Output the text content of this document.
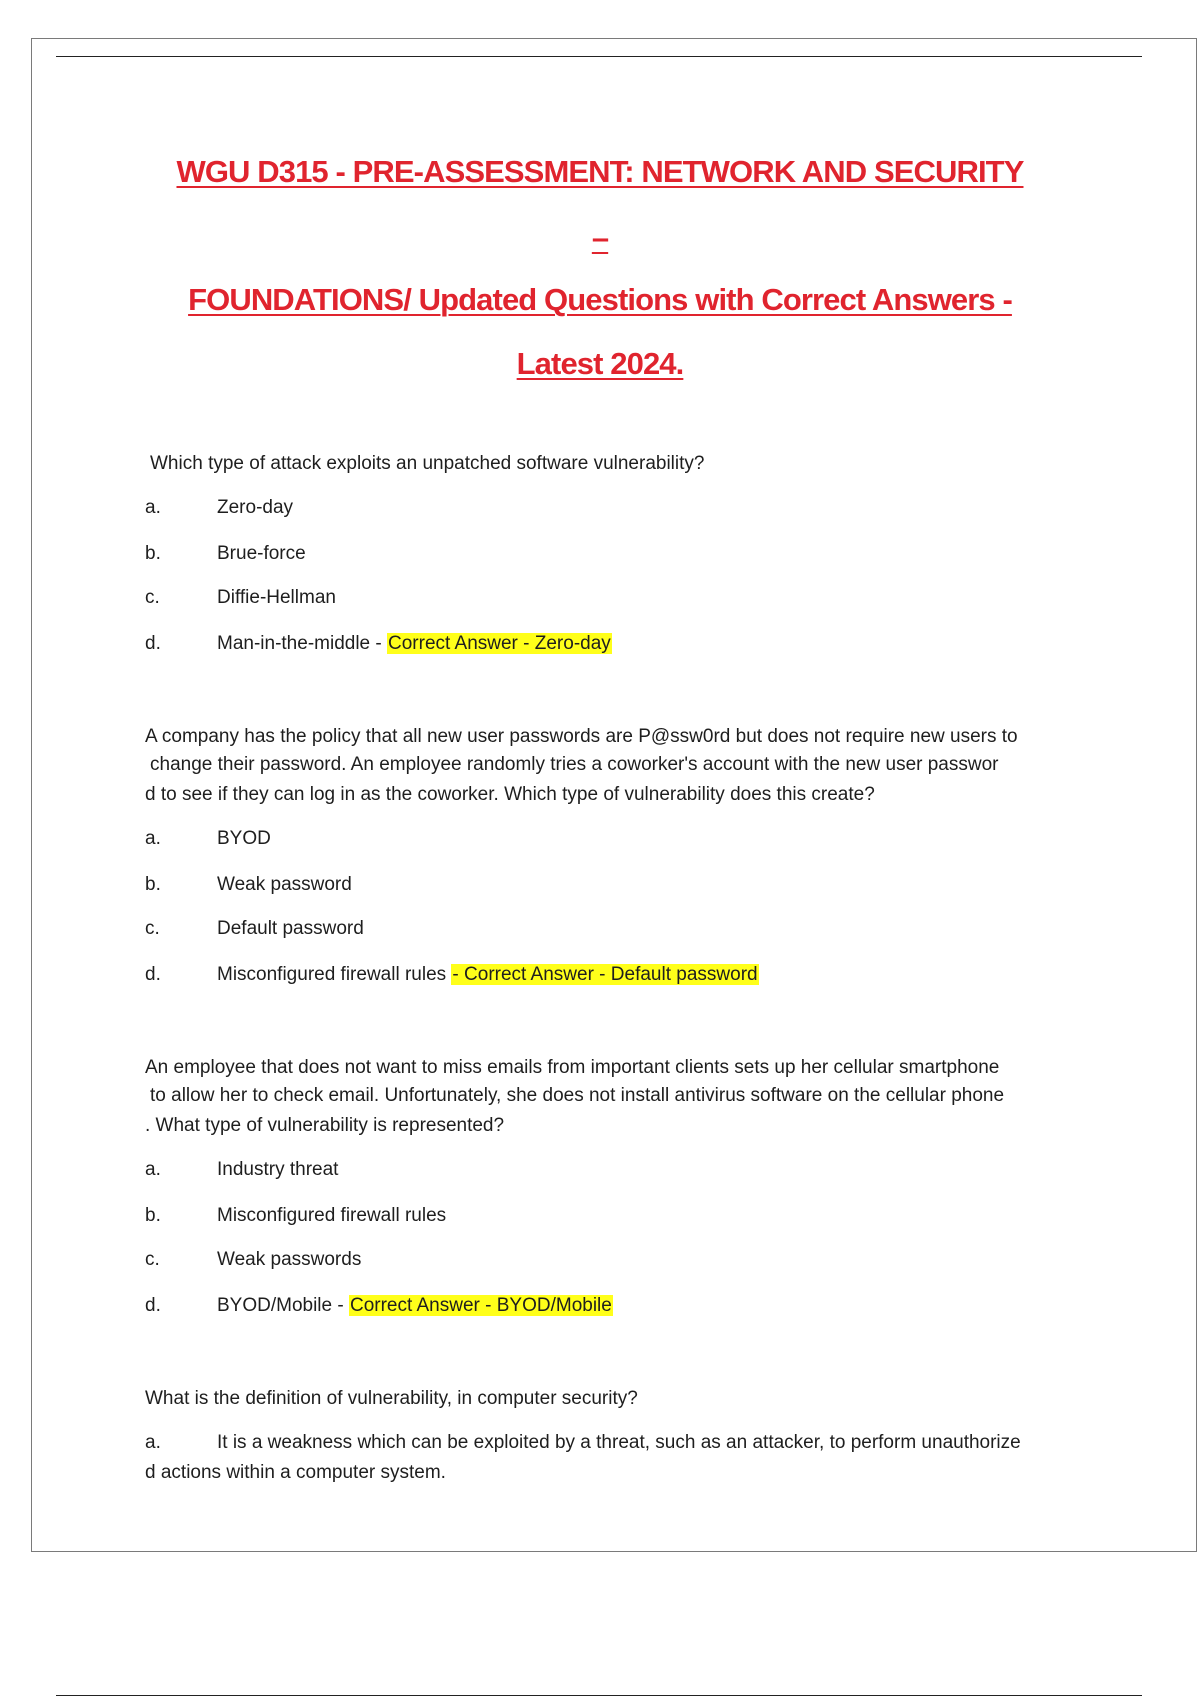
WGU D315 - PRE-ASSESSMENT: NETWORK AND SECURITY
–
FOUNDATIONS/ Updated Questions with Correct Answers -
Latest 2024.
Which type of attack exploits an unpatched software vulnerability?
a.	Zero-day
b.	Brue-force
c.	Diffie-Hellman
d.	Man-in-the-middle - Correct Answer - Zero-day
A company has the policy that all new user passwords are P@ssw0rd but does not require new users to
change their password. An employee randomly tries a coworker's account with the new user passwor
d to see if they can log in as the coworker. Which type of vulnerability does this create?
a.	BYOD
b.	Weak password
c.	Default password
d.	Misconfigured firewall rules - Correct Answer - Default password
An employee that does not want to miss emails from important clients sets up her cellular smartphone
to allow her to check email. Unfortunately, she does not install antivirus software on the cellular phone
. What type of vulnerability is represented?
a.	Industry threat
b.	Misconfigured firewall rules
c.	Weak passwords
d.	BYOD/Mobile - Correct Answer - BYOD/Mobile
What is the definition of vulnerability, in computer security?
a.	It is a weakness which can be exploited by a threat, such as an attacker, to perform unauthorize
d actions within a computer system.
